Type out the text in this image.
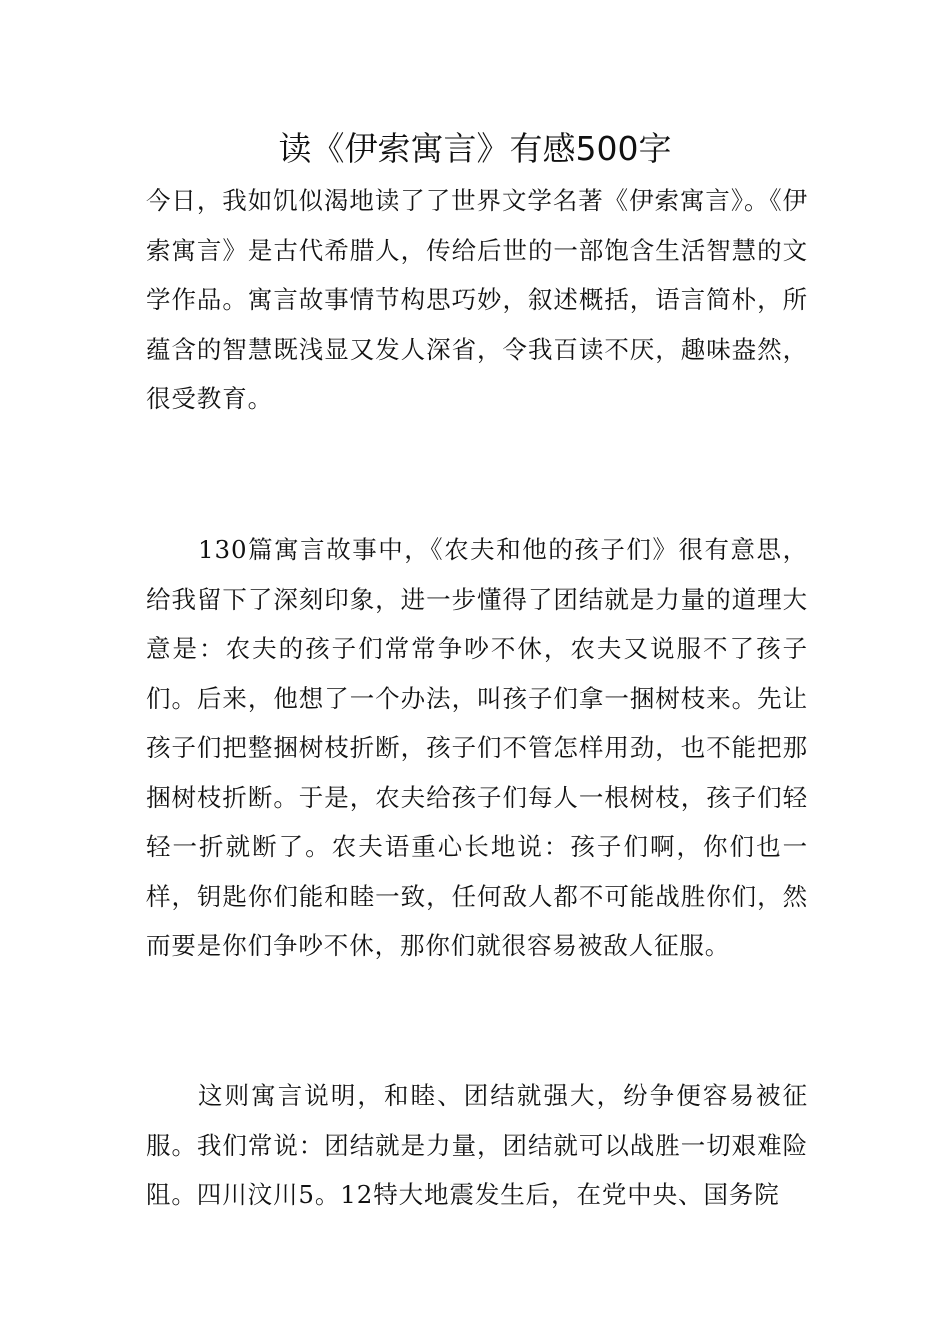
读《伊索寓言》有感500字

今日，我如饥似渴地读了了世界文学名著《伊索寓言》。《伊索寓言》是古代希腊人，传给后世的一部饱含生活智慧的文学作品。寓言故事情节构思巧妙，叙述概括，语言简朴，所蕴含的智慧既浅显又发人深省，令我百读不厌，趣味盎然，很受教育。

130篇寓言故事中，《农夫和他的孩子们》很有意思，给我留下了深刻印象，进一步懂得了团结就是力量的道理大意是：农夫的孩子们常常争吵不休，农夫又说服不了孩子们。后来，他想了一个办法，叫孩子们拿一捆树枝来。先让孩子们把整捆树枝折断，孩子们不管怎样用劲，也不能把那捆树枝折断。于是，农夫给孩子们每人一根树枝，孩子们轻轻一折就断了。农夫语重心长地说：孩子们啊，你们也一样，钥匙你们能和睦一致，任何敌人都不可能战胜你们，然而要是你们争吵不休，那你们就很容易被敌人征服。

这则寓言说明，和睦、团结就强大，纷争便容易被征服。我们常说：团结就是力量，团结就可以战胜一切艰难险阻。四川汶川5。12特大地震发生后，在党中央、国务院
